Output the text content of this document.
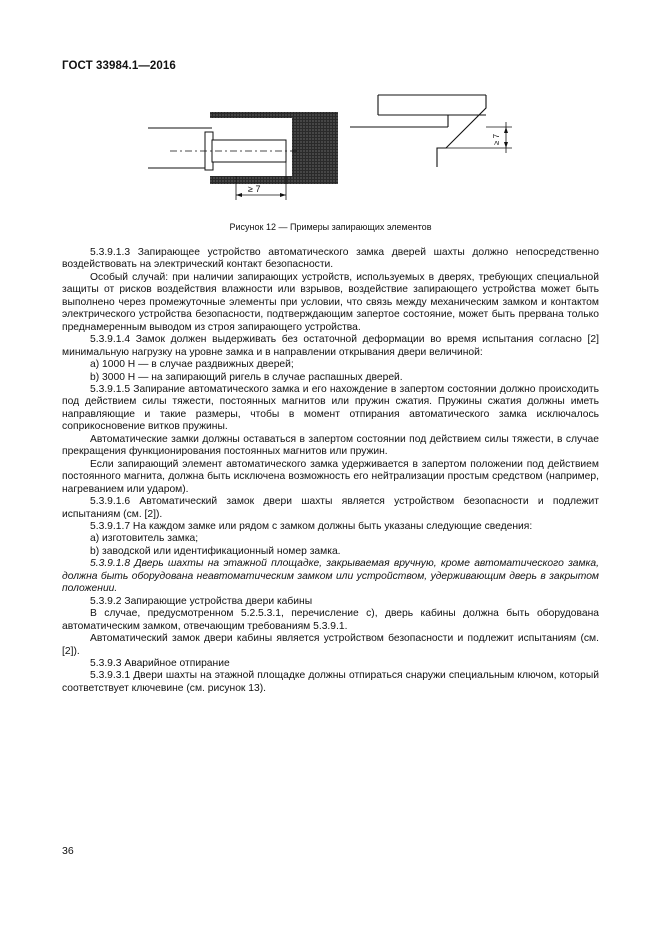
ГОСТ 33984.1—2016
≥ 7
≥ 7
Рисунок 12 — Примеры запирающих элементов

5.3.9.1.3 Запирающее устройство автоматического замка дверей шахты должно непосредственно воздействовать на электрический контакт безопасности.

Особый случай: при наличии запирающих устройств, используемых в дверях, требующих специальной защиты от рисков воздействия влажности или взрывов, воздействие запирающего устройства может быть выполнено через промежуточные элементы при условии, что связь между механическим замком и контактом электрического устройства безопасности, подтверждающим запертое состояние, может быть прервана только преднамеренным выводом из строя запирающего устройства.

5.3.9.1.4 Замок должен выдерживать без остаточной деформации во время испытания согласно [2] минимальную нагрузку на уровне замка и в направлении открывания двери величиной:

a) 1000 Н — в случае раздвижных дверей;

b) 3000 Н — на запирающий ригель в случае распашных дверей.

5.3.9.1.5 Запирание автоматического замка и его нахождение в запертом состоянии должно происходить под действием силы тяжести, постоянных магнитов или пружин сжатия. Пружины сжатия должны иметь направляющие и такие размеры, чтобы в момент отпирания автоматического замка исключалось соприкосновение витков пружины.

Автоматические замки должны оставаться в запертом состоянии под действием силы тяжести, в случае прекращения функционирования постоянных магнитов или пружин.

Если запирающий элемент автоматического замка удерживается в запертом положении под действием постоянного магнита, должна быть исключена возможность его нейтрализации простым средством (например, нагреванием или ударом).

5.3.9.1.6 Автоматический замок двери шахты является устройством безопасности и подлежит испытаниям (см. [2]).

5.3.9.1.7 На каждом замке или рядом с замком должны быть указаны следующие сведения:

a) изготовитель замка;

b) заводской или идентификационный номер замка.

5.3.9.1.8 Дверь шахты на этажной площадке, закрываемая вручную, кроме автоматического замка, должна быть оборудована неавтоматическим замком или устройством, удерживающим дверь в закрытом положении.

5.3.9.2 Запирающие устройства двери кабины

В случае, предусмотренном 5.2.5.3.1, перечисление с), дверь кабины должна быть оборудована автоматическим замком, отвечающим требованиям 5.3.9.1.

Автоматический замок двери кабины является устройством безопасности и подлежит испытаниям (см. [2]).

5.3.9.3 Аварийное отпирание

5.3.9.3.1 Двери шахты на этажной площадке должны отпираться снаружи специальным ключом, который соответствует ключевине (см. рисунок 13).

36
